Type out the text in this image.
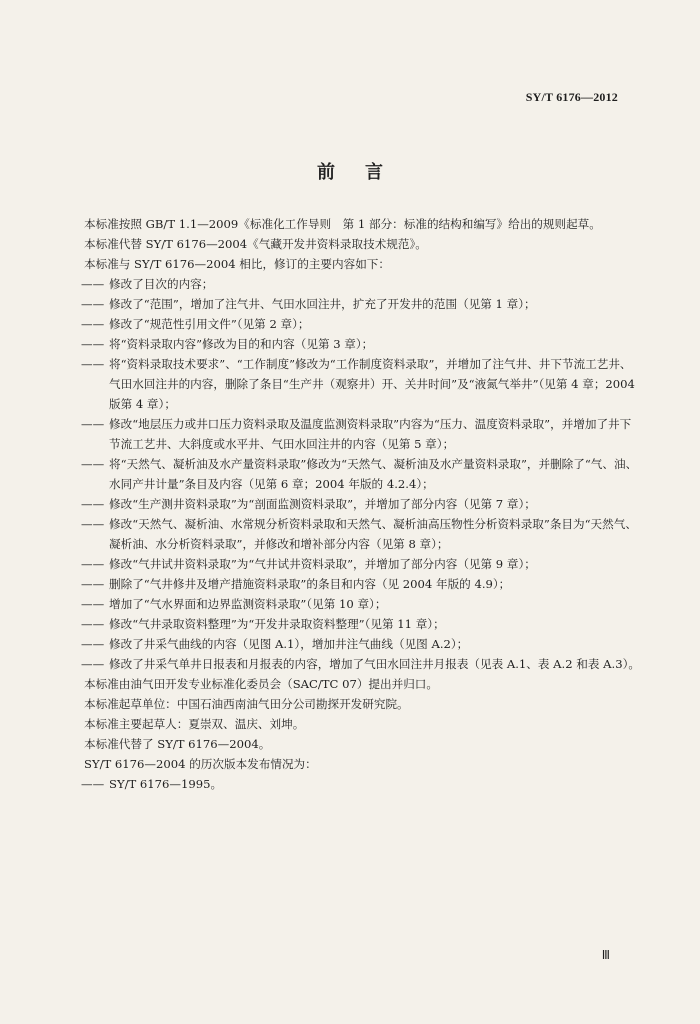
SY/T 6176—2012
前言

本标准按照 GB/T 1.1—2009《标准化工作导则　第 1 部分：标准的结构和编写》给出的规则起草。

本标准代替 SY/T 6176—2004《气藏开发井资料录取技术规范》。

本标准与 SY/T 6176—2004 相比，修订的主要内容如下：

—— 修改了目次的内容；
—— 修改了“范围”，增加了注气井、气田水回注井，扩充了开发井的范围（见第 1 章）；
—— 修改了“规范性引用文件”（见第 2 章）；
—— 将“资料录取内容”修改为目的和内容（见第 3 章）；
—— 将“资料录取技术要求”、“工作制度”修改为“工作制度资料录取”，并增加了注气井、井下节流工艺井、气田水回注井的内容，删除了条目“生产井（观察井）开、关井时间”及“液氮气举井”（见第 4 章；2004 版第 4 章）；
—— 修改“地层压力或井口压力资料录取及温度监测资料录取”内容为“压力、温度资料录取”，并增加了井下节流工艺井、大斜度或水平井、气田水回注井的内容（见第 5 章）；
—— 将“天然气、凝析油及水产量资料录取”修改为“天然气、凝析油及水产量资料录取”，并删除了“气、油、水同产井计量”条目及内容（见第 6 章；2004 年版的 4.2.4）；
—— 修改“生产测井资料录取”为“剖面监测资料录取”，并增加了部分内容（见第 7 章）；
—— 修改“天然气、凝析油、水常规分析资料录取和天然气、凝析油高压物性分析资料录取”条目为“天然气、凝析油、水分析资料录取”，并修改和增补部分内容（见第 8 章）；
—— 修改“气井试井资料录取”为“气井试井资料录取”，并增加了部分内容（见第 9 章）；
—— 删除了“气井修井及增产措施资料录取”的条目和内容（见 2004 年版的 4.9）；
—— 增加了“气水界面和边界监测资料录取”（见第 10 章）；
—— 修改“气井录取资料整理”为“开发井录取资料整理”（见第 11 章）；
—— 修改了井采气曲线的内容（见图 A.1），增加井注气曲线（见图 A.2）；
—— 修改了井采气单井日报表和月报表的内容，增加了气田水回注井月报表（见表 A.1、表 A.2 和表 A.3）。

本标准由油气田开发专业标准化委员会（SAC/TC 07）提出并归口。

本标准起草单位：中国石油西南油气田分公司勘探开发研究院。

本标准主要起草人：夏崇双、温庆、刘坤。

本标准代替了 SY/T 6176—2004。

SY/T 6176—2004 的历次版本发布情况为：

—— SY/T 6176—1995。
Ⅲ
